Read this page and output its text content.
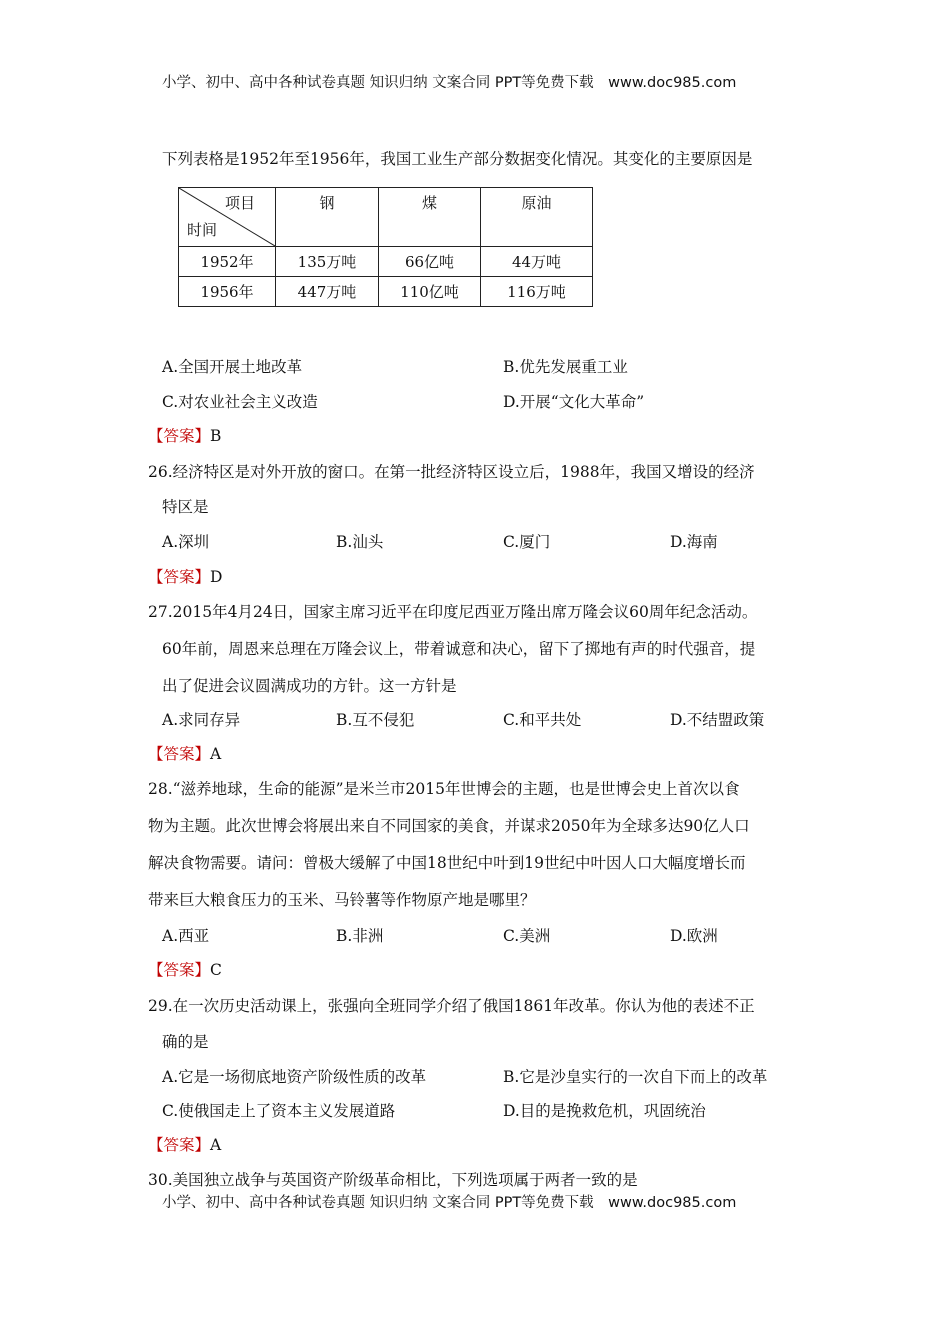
小学、初中、高中各种试卷真题 知识归纳 文案合同 PPT等免费下载　www.doc985.com
下列表格是1952年至1956年，我国工业生产部分数据变化情况。其变化的主要原因是
项目
时间	钢	煤	原油
1952年	135万吨	66亿吨	44万吨
1956年	447万吨	110亿吨	116万吨
A.全国开展土地改革	B.优先发展重工业
C.对农业社会主义改造	D.开展“文化大革命”
【答案】B
26.经济特区是对外开放的窗口。在第一批经济特区设立后，1988年，我国又增设的经济
特区是
A.深圳	B.汕头	C.厦门	D.海南
【答案】D
27.2015年4月24日，国家主席习近平在印度尼西亚万隆出席万隆会议60周年纪念活动。
60年前，周恩来总理在万隆会议上，带着诚意和决心，留下了掷地有声的时代强音，提
出了促进会议圆满成功的方针。这一方针是
A.求同存异	B.互不侵犯	C.和平共处	D.不结盟政策
【答案】A
28.“滋养地球，生命的能源”是米兰市2015年世博会的主题，也是世博会史上首次以食
物为主题。此次世博会将展出来自不同国家的美食，并谋求2050年为全球多达90亿人口
解决食物需要。请问：曾极大缓解了中国18世纪中叶到19世纪中叶因人口大幅度增长而
带来巨大粮食压力的玉米、马铃薯等作物原产地是哪里？
A.西亚	B.非洲	C.美洲	D.欧洲
【答案】C
29.在一次历史活动课上，张强向全班同学介绍了俄国1861年改革。你认为他的表述不正
确的是
A.它是一场彻底地资产阶级性质的改革	B.它是沙皇实行的一次自下而上的改革
C.使俄国走上了资本主义发展道路	D.目的是挽救危机，巩固统治
【答案】A
30.美国独立战争与英国资产阶级革命相比，下列选项属于两者一致的是
小学、初中、高中各种试卷真题 知识归纳 文案合同 PPT等免费下载　www.doc985.com
